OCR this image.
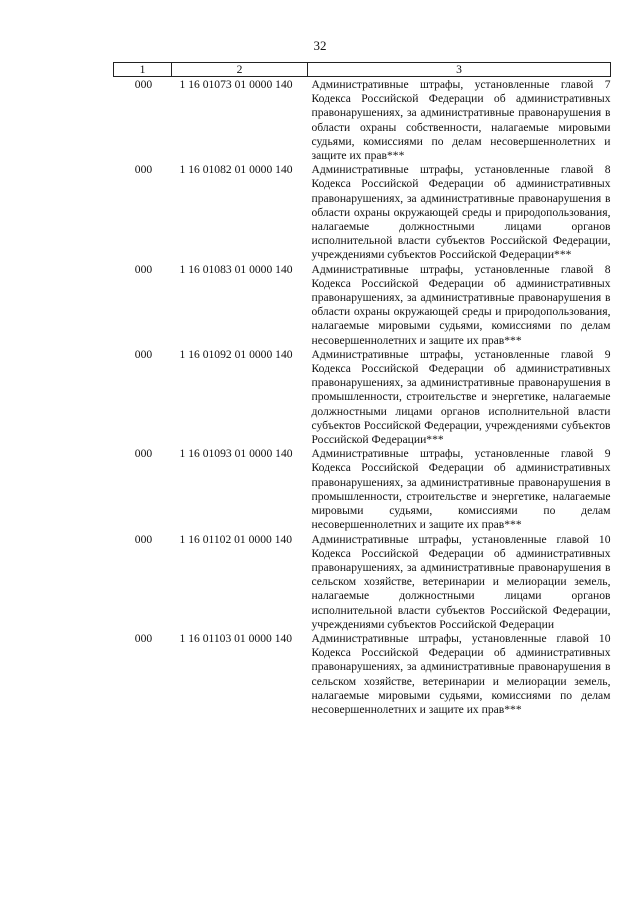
32
1	2	3
000	1 16 01073 01 0000 140	Административные штрафы, установленные главой 7 Кодекса Российской Федерации об административных правонарушениях, за административные правонарушения в области охраны собственности, налагаемые мировыми судьями, комиссиями по делам несовершеннолетних и защите их прав***
000	1 16 01082 01 0000 140	Административные штрафы, установленные главой 8 Кодекса Российской Федерации об административных правонарушениях, за административные правонарушения в области охраны окружающей среды и природопользования, налагаемые должностными лицами органов исполнительной власти субъектов Российской Федерации, учреждениями субъектов Российской Федерации***
000	1 16 01083 01 0000 140	Административные штрафы, установленные главой 8 Кодекса Российской Федерации об административных правонарушениях, за административные правонарушения в области охраны окружающей среды и природопользования, налагаемые мировыми судьями, комиссиями по делам несовершеннолетних и защите их прав***
000	1 16 01092 01 0000 140	Административные штрафы, установленные главой 9 Кодекса Российской Федерации об административных правонарушениях, за административные правонарушения в промышленности, строительстве и энергетике, налагаемые должностными лицами органов исполнительной власти субъектов Российской Федерации, учреждениями субъектов Российской Федерации***
000	1 16 01093 01 0000 140	Административные штрафы, установленные главой 9 Кодекса Российской Федерации об административных правонарушениях, за административные правонарушения в промышленности, строительстве и энергетике, налагаемые мировыми судьями, комиссиями по делам несовершеннолетних и защите их прав***
000	1 16 01102 01 0000 140	Административные штрафы, установленные главой 10 Кодекса Российской Федерации об административных правонарушениях, за административные правонарушения в сельском хозяйстве, ветеринарии и мелиорации земель, налагаемые должностными лицами органов исполнительной власти субъектов Российской Федерации, учреждениями субъектов Российской Федерации
000	1 16 01103 01 0000 140	Административные штрафы, установленные главой 10 Кодекса Российской Федерации об административных правонарушениях, за административные правонарушения в сельском хозяйстве, ветеринарии и мелиорации земель, налагаемые мировыми судьями, комиссиями по делам несовершеннолетних и защите их прав***
